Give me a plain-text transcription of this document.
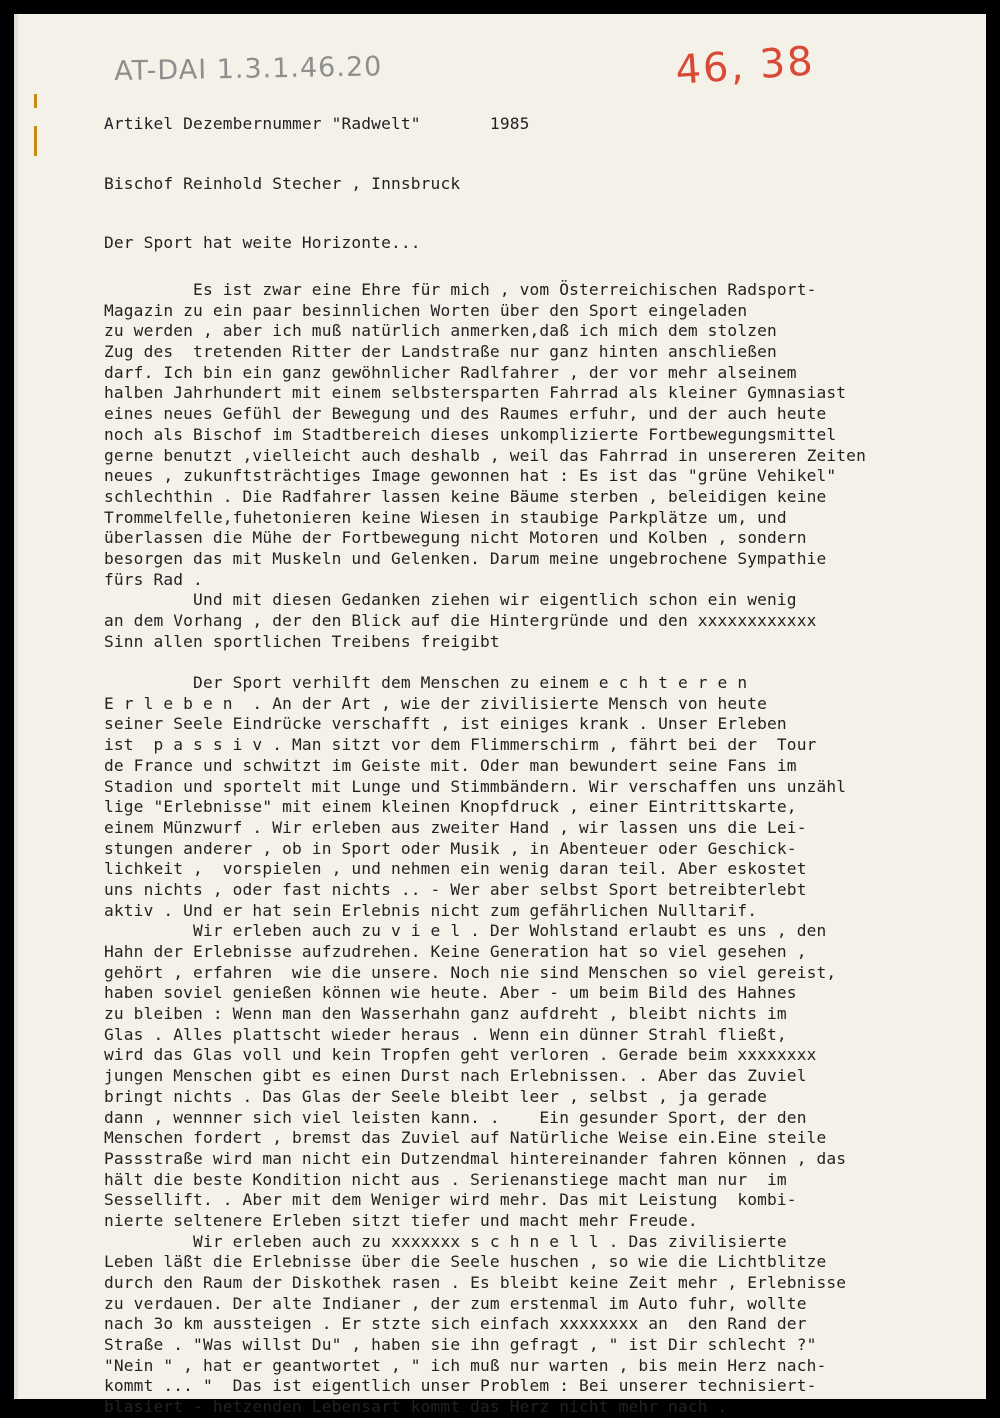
AT-DAI 1.3.1.46.20	46, 38
Artikel Dezembernummer "Radwelt"       1985
Bischof Reinhold Stecher , Innsbruck
Der Sport hat weite Horizonte...
Es ist zwar eine Ehre für mich , vom Österreichischen Radsport-
Magazin zu ein paar besinnlichen Worten über den Sport eingeladen
zu werden , aber ich muß natürlich anmerken,daß ich mich dem stolzen
Zug des  tretenden Ritter der Landstraße nur ganz hinten anschließen
darf. Ich bin ein ganz gewöhnlicher Radlfahrer , der vor mehr alseinem
halben Jahrhundert mit einem selbstersparten Fahrrad als kleiner Gymnasiast
eines neues Gefühl der Bewegung und des Raumes erfuhr, und der auch heute
noch als Bischof im Stadtbereich dieses unkomplizierte Fortbewegungsmittel
gerne benutzt ,vielleicht auch deshalb , weil das Fahrrad in unsereren Zeiten
neues , zukunftsträchtiges Image gewonnen hat : Es ist das "grüne Vehikel"
schlechthin . Die Radfahrer lassen keine Bäume sterben , beleidigen keine
Trommelfelle,fuhetonieren keine Wiesen in staubige Parkplätze um, und
überlassen die Mühe der Fortbewegung nicht Motoren und Kolben , sondern
besorgen das mit Muskeln und Gelenken. Darum meine ungebrochene Sympathie
fürs Rad .
Und mit diesen Gedanken ziehen wir eigentlich schon ein wenig
an dem Vorhang , der den Blick auf die Hintergründe und den xxxxxxxxxxxx
Sinn allen sportlichen Treibens freigibt
Der Sport verhilft dem Menschen zu einem e c h t e r e n
E r l e b e n  . An der Art , wie der zivilisierte Mensch von heute
seiner Seele Eindrücke verschafft , ist einiges krank . Unser Erleben
ist  p a s s i v . Man sitzt vor dem Flimmerschirm , fährt bei der  Tour
de France und schwitzt im Geiste mit. Oder man bewundert seine Fans im
Stadion und sportelt mit Lunge und Stimmbändern. Wir verschaffen uns unzähl
lige "Erlebnisse" mit einem kleinen Knopfdruck , einer Eintrittskarte,
einem Münzwurf . Wir erleben aus zweiter Hand , wir lassen uns die Lei-
stungen anderer , ob in Sport oder Musik , in Abenteuer oder Geschick-
lichkeit ,  vorspielen , und nehmen ein wenig daran teil. Aber eskostet
uns nichts , oder fast nichts .. - Wer aber selbst Sport betreibterlebt
aktiv . Und er hat sein Erlebnis nicht zum gefährlichen Nulltarif.
Wir erleben auch zu v i e l . Der Wohlstand erlaubt es uns , den
Hahn der Erlebnisse aufzudrehen. Keine Generation hat so viel gesehen ,
gehört , erfahren  wie die unsere. Noch nie sind Menschen so viel gereist,
haben soviel genießen können wie heute. Aber - um beim Bild des Hahnes
zu bleiben : Wenn man den Wasserhahn ganz aufdreht , bleibt nichts im
Glas . Alles plattscht wieder heraus . Wenn ein dünner Strahl fließt,
wird das Glas voll und kein Tropfen geht verloren . Gerade beim xxxxxxxx
jungen Menschen gibt es einen Durst nach Erlebnissen. . Aber das Zuviel
bringt nichts . Das Glas der Seele bleibt leer , selbst , ja gerade
dann , wennner sich viel leisten kann. .    Ein gesunder Sport, der den
Menschen fordert , bremst das Zuviel auf Natürliche Weise ein.Eine steile
Passstraße wird man nicht ein Dutzendmal hintereinander fahren können , das
hält die beste Kondition nicht aus . Serienanstiege macht man nur  im
Sessellift. . Aber mit dem Weniger wird mehr. Das mit Leistung  kombi-
nierte seltenere Erleben sitzt tiefer und macht mehr Freude.
Wir erleben auch zu xxxxxxx s c h n e l l . Das zivilisierte
Leben läßt die Erlebnisse über die Seele huschen , so wie die Lichtblitze
durch den Raum der Diskothek rasen . Es bleibt keine Zeit mehr , Erlebnisse
zu verdauen. Der alte Indianer , der zum erstenmal im Auto fuhr, wollte
nach 3o km aussteigen . Er stzte sich einfach xxxxxxxx an  den Rand der
Straße . "Was willst Du" , haben sie ihn gefragt , " ist Dir schlecht ?"
"Nein " , hat er geantwortet , " ich muß nur warten , bis mein Herz nach-
kommt ... "  Das ist eigentlich unser Problem : Bei unserer technisiert-
blasiert - hetzenden Lebensart kommt das Herz nicht mehr nach .
